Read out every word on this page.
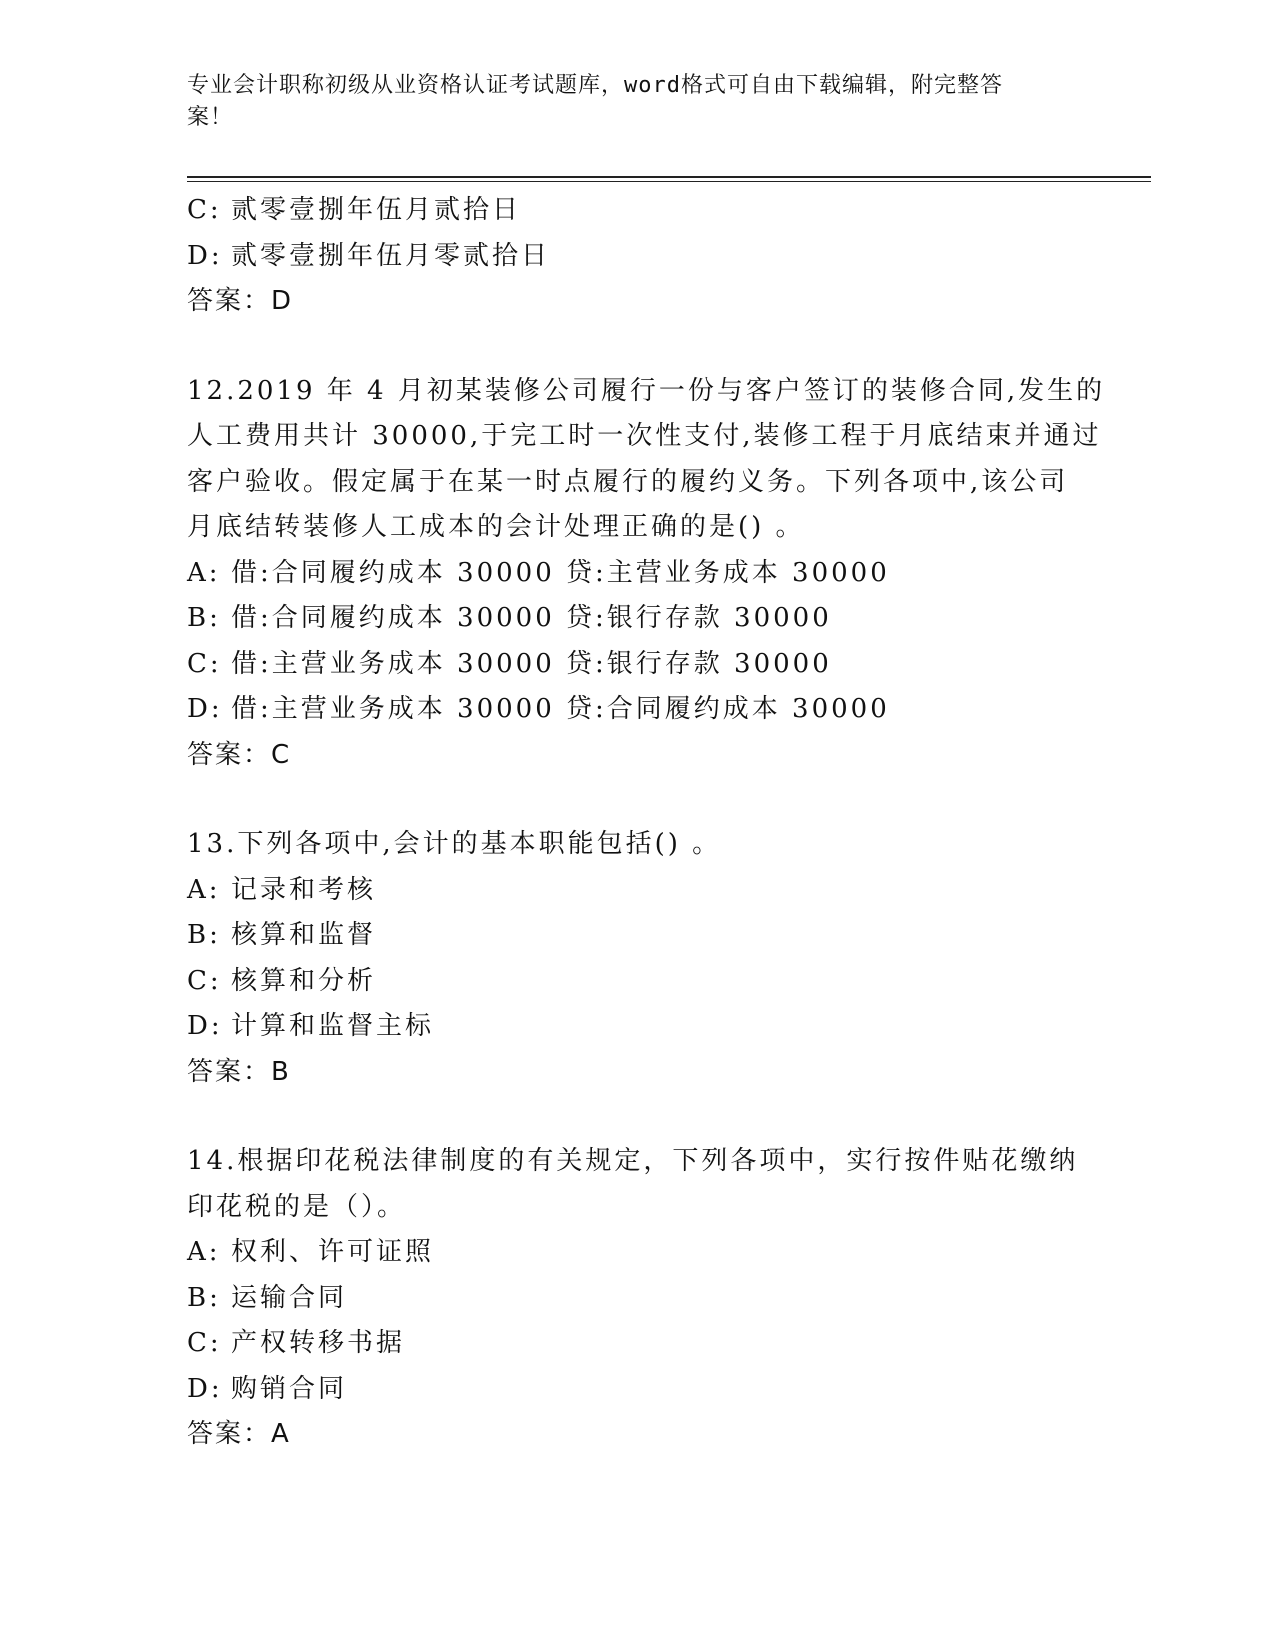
专业会计职称初级从业资格认证考试题库，word格式可自由下载编辑，附完整答
案！
C: 贰零壹捌年伍月贰拾日
D: 贰零壹捌年伍月零贰拾日
答案：D
12.2019 年 4 月初某装修公司履行一份与客户签订的装修合同,发生的
人工费用共计 30000,于完工时一次性支付,装修工程于月底结束并通过
客户验收。假定属于在某一时点履行的履约义务。下列各项中,该公司
月底结转装修人工成本的会计处理正确的是() 。
A: 借:合同履约成本 30000 贷:主营业务成本 30000
B: 借:合同履约成本 30000 贷:银行存款 30000
C: 借:主营业务成本 30000 贷:银行存款 30000
D: 借:主营业务成本 30000 贷:合同履约成本 30000
答案：C
13.下列各项中,会计的基本职能包括() 。
A: 记录和考核
B: 核算和监督
C: 核算和分析
D: 计算和监督主标
答案：B
14.根据印花税法律制度的有关规定，下列各项中，实行按件贴花缴纳
印花税的是（）。
A: 权利、许可证照
B: 运输合同
C: 产权转移书据
D: 购销合同
答案：A
